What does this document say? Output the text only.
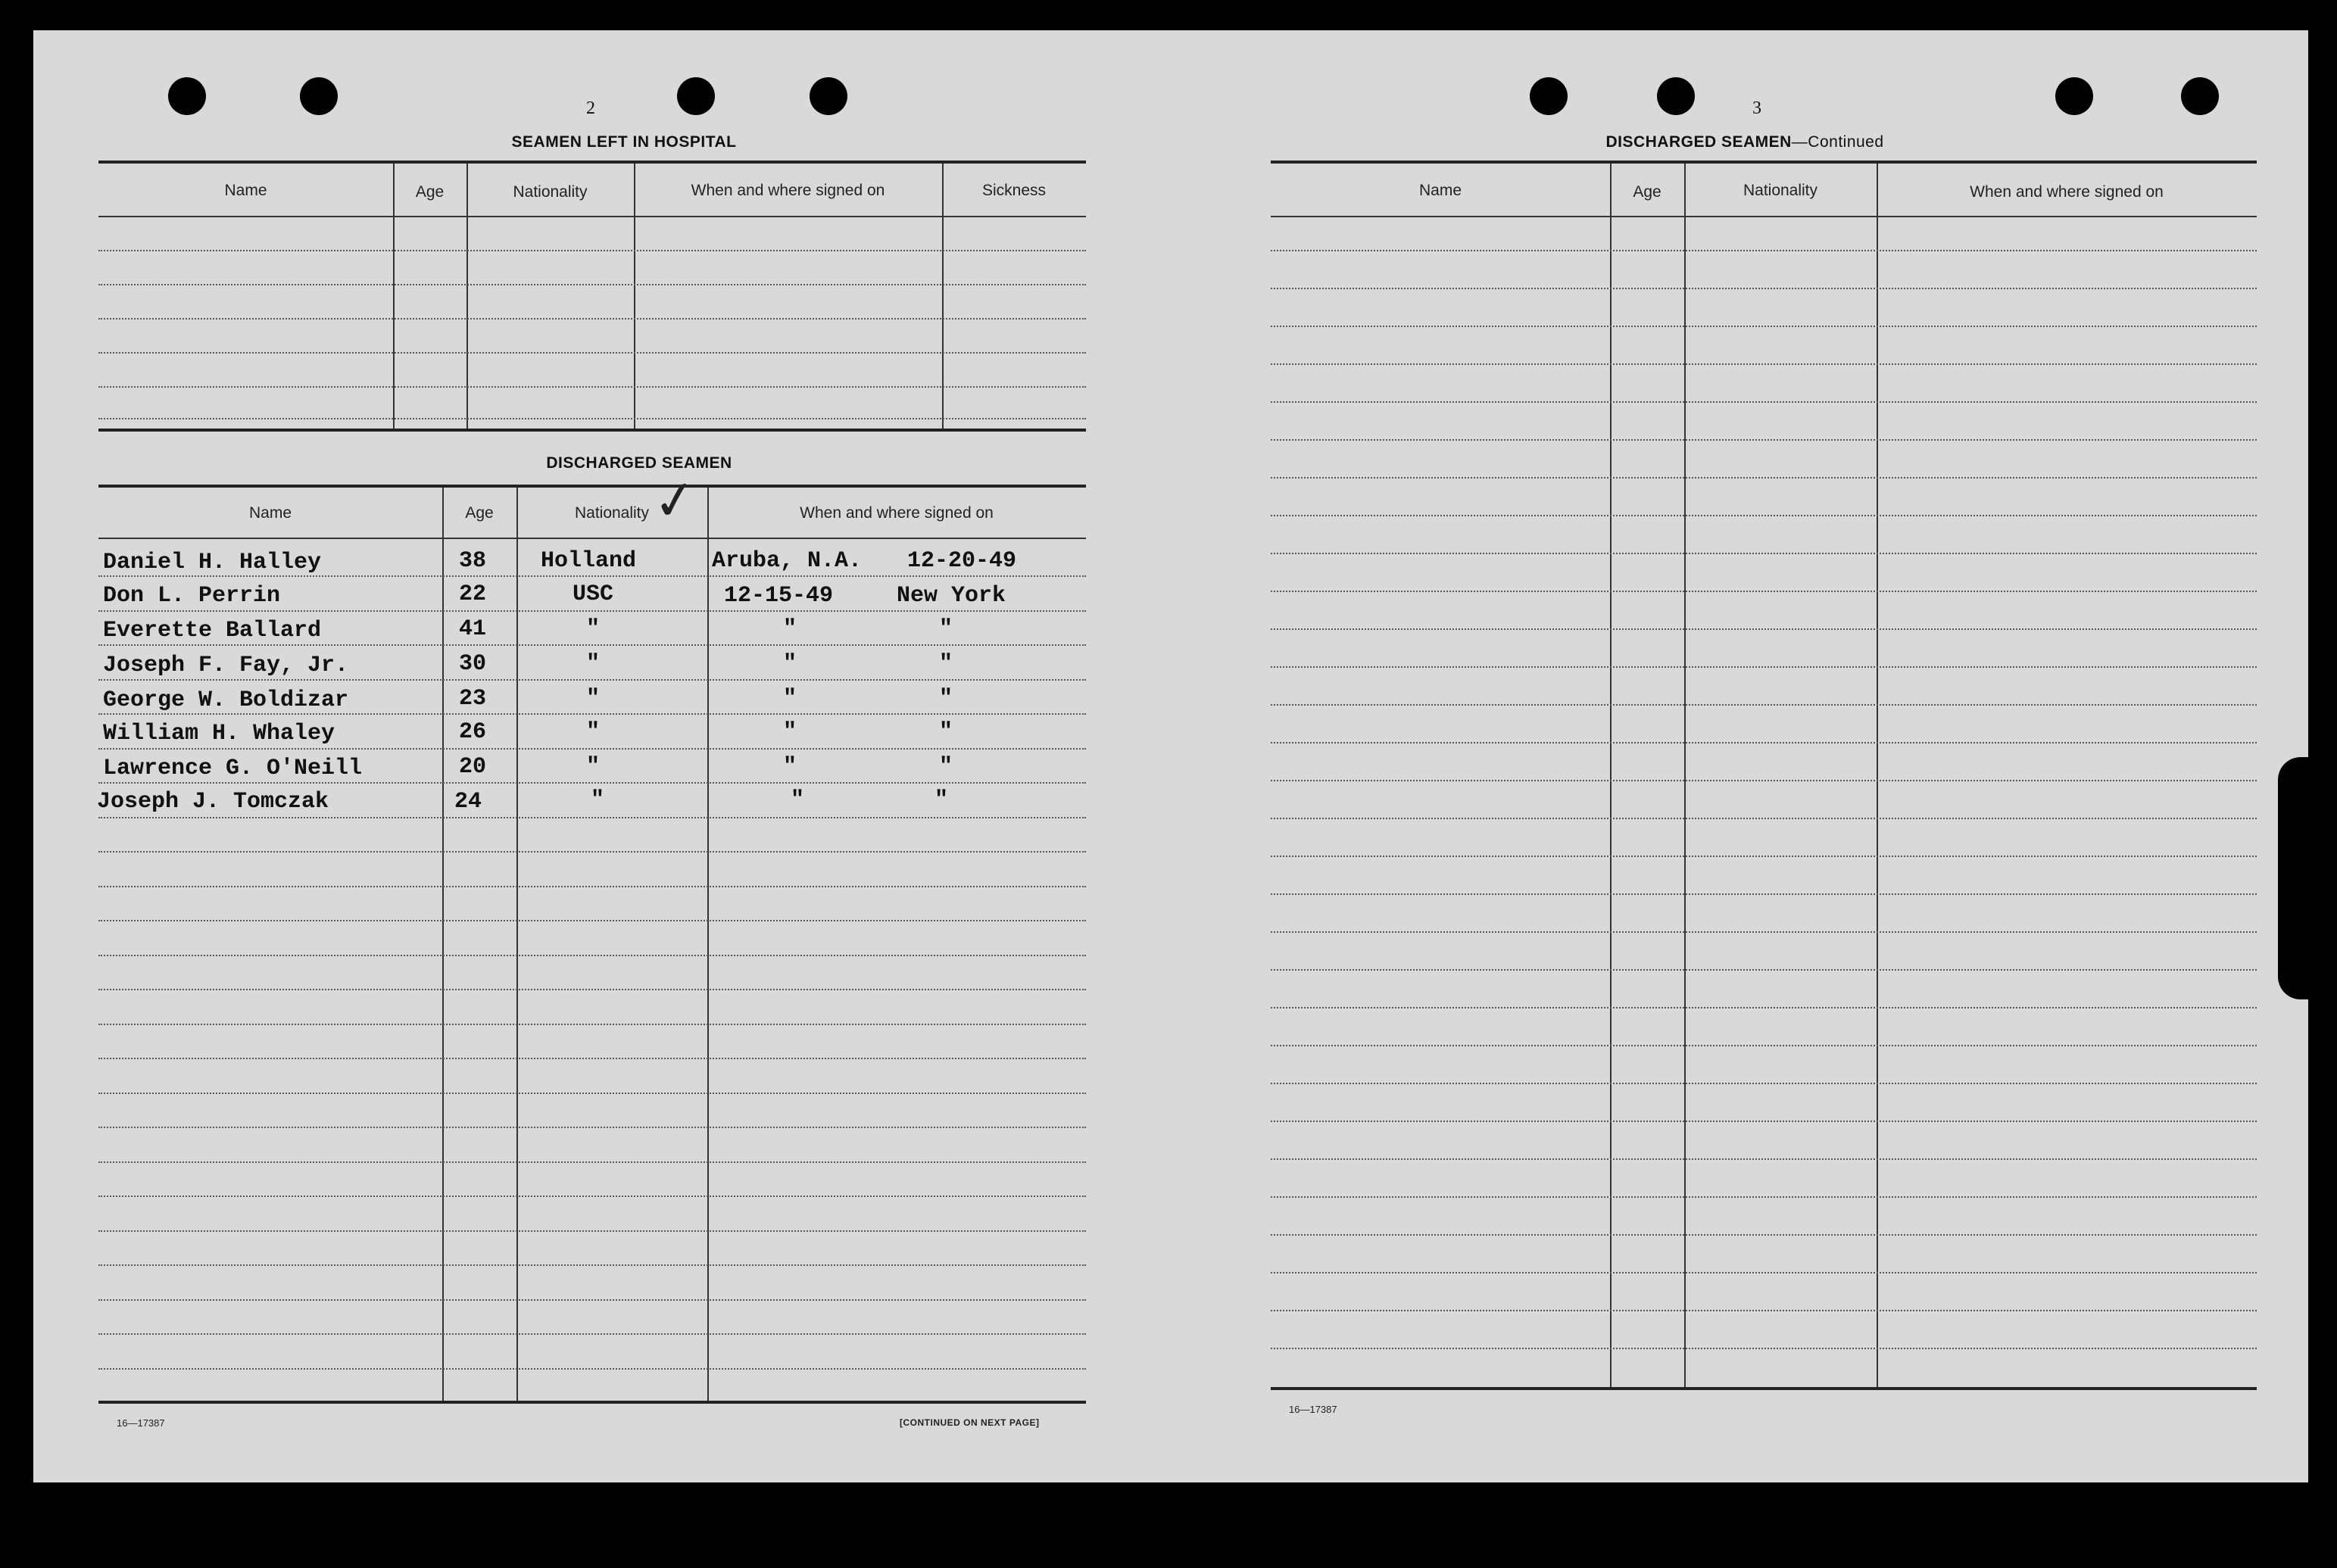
2
SEAMEN LEFT IN HOSPITAL
Name	Age	Nationality	When and where signed on	Sickness
DISCHARGED SEAMEN
✓
Name	Age	Nationality	When and where signed on
Daniel H. Halley	38 Holland	Aruba, N.A. 12-20-49
Don L. Perrin	22	USC	12-15-49	New York
Everette Ballard	41	"	"	"
Joseph F. Fay, Jr.	30	"	"	"
George W. Boldizar	23	"	"	"
William H. Whaley	26	"	"	"
Lawrence G. O'Neill	20	"	"	"
Joseph J. Tomczak	24	"	"	"
16—17387	[CONTINUED ON NEXT PAGE]
3
DISCHARGED SEAMEN—Continued
Name	Age	Nationality	When and where signed on
16—17387
